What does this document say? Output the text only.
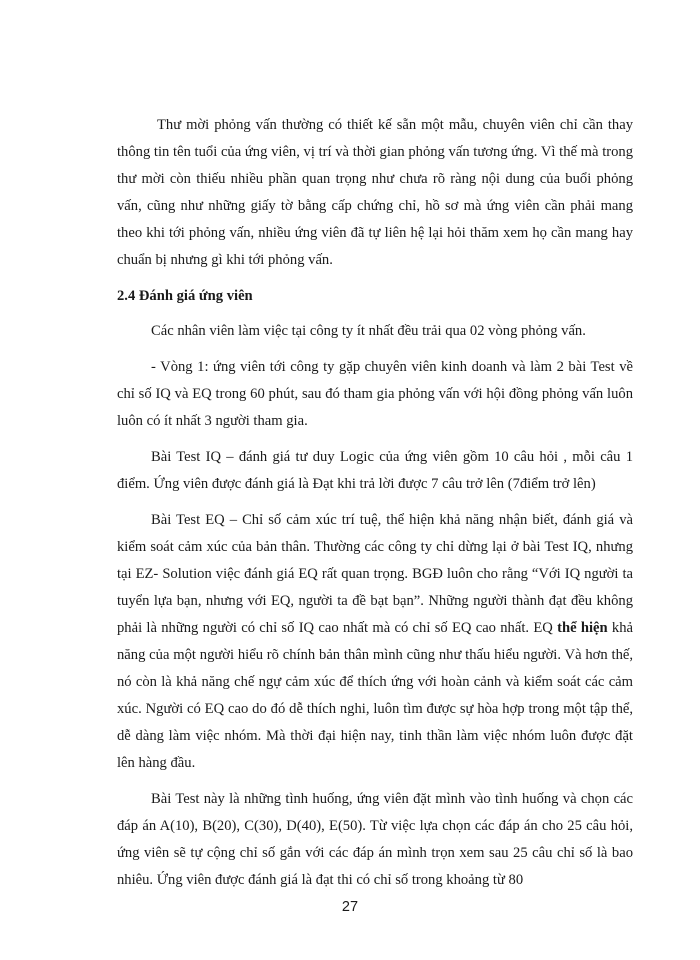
Thư mời phỏng vấn thường có thiết kế sẵn một mẫu, chuyên viên chỉ cần thay thông tin tên tuổi của ứng viên, vị trí và thời gian phỏng vấn tương ứng. Vì thế mà trong thư mời còn thiếu nhiều phần quan trọng như chưa rõ ràng nội dung của buổi phỏng vấn, cũng như những giấy tờ bằng cấp chứng chỉ, hồ sơ mà ứng viên cần phải mang theo khi tới phỏng vấn, nhiều ứng viên đã tự liên hệ lại hỏi thăm xem họ cần mang hay chuẩn bị nhưng gì khi tới phỏng vấn.

2.4 Đánh giá ứng viên

Các nhân viên làm việc tại công ty ít nhất đều trải qua 02 vòng phỏng vấn.

- Vòng 1: ứng viên tới công ty gặp chuyên viên kinh doanh và làm 2 bài Test về chỉ số IQ và EQ trong 60 phút, sau đó tham gia phỏng vấn với hội đồng phỏng vấn luôn luôn có ít nhất 3 người tham gia.

Bài Test IQ – đánh giá tư duy Logic của ứng viên gồm 10 câu hỏi , mỗi câu 1 điểm. Ứng viên được đánh giá là Đạt khi trả lời được 7 câu trở lên (7điểm trở lên)

Bài Test EQ – Chỉ số cảm xúc trí tuệ, thể hiện khả năng nhận biết, đánh giá và kiểm soát cảm xúc của bản thân. Thường các công ty chỉ dừng lại ở bài Test IQ, nhưng tại EZ- Solution việc đánh giá EQ rất quan trọng. BGĐ luôn cho rằng “Với IQ người ta tuyển lựa bạn, nhưng với EQ, người ta đề bạt bạn”. Những người thành đạt đều không phải là những người có chỉ số IQ cao nhất mà có chỉ số EQ cao nhất. EQ thể hiện khả năng của một người hiểu rõ chính bản thân mình cũng như thấu hiểu người. Và hơn thế, nó còn là khả năng chế ngự cảm xúc để thích ứng với hoàn cảnh và kiểm soát các cảm xúc. Người có EQ cao do đó dễ thích nghi, luôn tìm được sự hòa hợp trong một tập thể, dễ dàng làm việc nhóm. Mà thời đại hiện nay, tinh thần làm việc nhóm luôn được đặt lên hàng đầu.

Bài Test này là những tình huống, ứng viên đặt mình vào tình huống và chọn các đáp án A(10), B(20), C(30), D(40), E(50). Từ việc lựa chọn các đáp án cho 25 câu hỏi, ứng viên sẽ tự cộng chỉ số gắn với các đáp án mình trọn xem sau 25 câu chỉ số là bao nhiêu. Ứng viên được đánh giá là đạt thi có chỉ số trong khoảng từ 80

27
